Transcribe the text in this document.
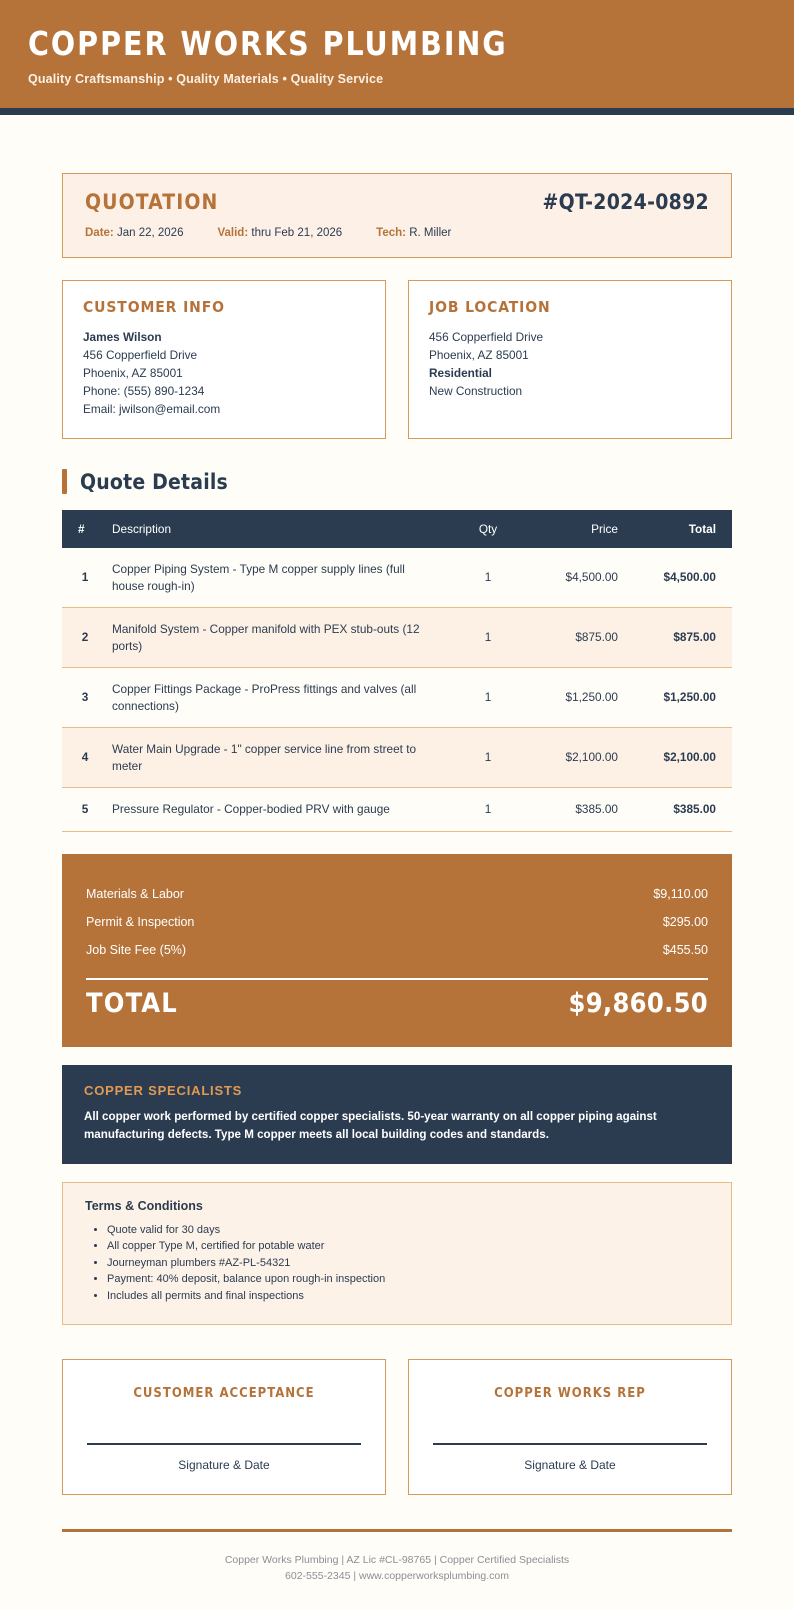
COPPER WORKS PLUMBING

Quality Craftsmanship • Quality Materials • Quality Service

QUOTATION	#QT-2024-0892
Date: Jan 22, 2026	Valid: thru Feb 21, 2026	Tech: R. Miller
CUSTOMER INFO
James Wilson
456 Copperfield Drive
Phoenix, AZ 85001
Phone: (555) 890-1234
Email: jwilson@email.com
JOB LOCATION
456 Copperfield Drive
Phoenix, AZ 85001
Residential
New Construction
Quote Details
#	Description	Qty	Price	Total
1	Copper Piping System - Type M copper supply lines (full house rough-in)	1	$4,500.00	$4,500.00
2	Manifold System - Copper manifold with PEX stub-outs (12 ports)	1	$875.00	$875.00
3	Copper Fittings Package - ProPress fittings and valves (all connections)	1	$1,250.00	$1,250.00
4	Water Main Upgrade - 1" copper service line from street to meter	1	$2,100.00	$2,100.00
5	Pressure Regulator - Copper-bodied PRV with gauge	1	$385.00	$385.00
Materials & Labor	$9,110.00
Permit & Inspection	$295.00
Job Site Fee (5%)	$455.50
TOTAL	$9,860.50
COPPER SPECIALISTS
All copper work performed by certified copper specialists. 50-year warranty on all copper piping against manufacturing defects. Type M copper meets all local building codes and standards.
Terms & Conditions
• Quote valid for 30 days
• All copper Type M, certified for potable water
• Journeyman plumbers #AZ-PL-54321
• Payment: 40% deposit, balance upon rough-in inspection
• Includes all permits and final inspections
CUSTOMER ACCEPTANCE
Signature & Date
COPPER WORKS REP
Signature & Date
Copper Works Plumbing | AZ Lic #CL-98765 | Copper Certified Specialists
602-555-2345 | www.copperworksplumbing.com
